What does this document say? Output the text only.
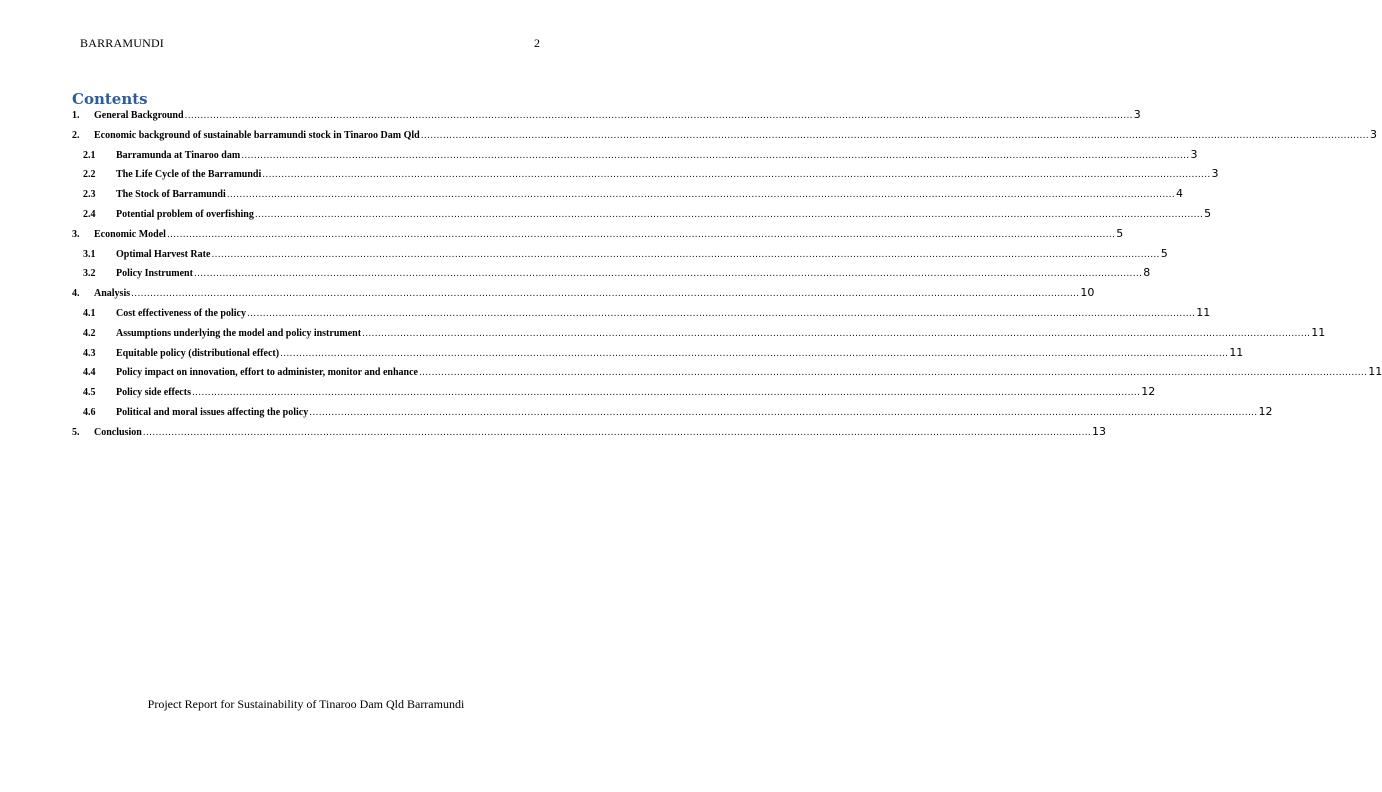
BARRAMUNDI	2
Contents
1.	General Background ............................................................................................................................................................................................................................................................................................................ 3
2.	Economic background of sustainable barramundi stock in Tinaroo Dam Qld ............................................................................................................................................................................................................................................................................................................ 3
2.1	Barramunda at Tinaroo dam ............................................................................................................................................................................................................................................................................................................ 3
2.2	The Life Cycle of the Barramundi ............................................................................................................................................................................................................................................................................................................ 3
2.3	The Stock of Barramundi ............................................................................................................................................................................................................................................................................................................ 4
2.4	Potential problem of overfishing ............................................................................................................................................................................................................................................................................................................ 5
3.	Economic Model ............................................................................................................................................................................................................................................................................................................ 5
3.1	Optimal Harvest Rate ............................................................................................................................................................................................................................................................................................................ 5
3.2	Policy Instrument ............................................................................................................................................................................................................................................................................................................ 8
4.	Analysis ............................................................................................................................................................................................................................................................................................................ 10
4.1	Cost effectiveness of the policy ............................................................................................................................................................................................................................................................................................................ 11
4.2	Assumptions underlying the model and policy instrument ............................................................................................................................................................................................................................................................................................................ 11
4.3	Equitable policy (distributional effect) ............................................................................................................................................................................................................................................................................................................ 11
4.4	Policy impact on innovation, effort to administer, monitor and enhance ............................................................................................................................................................................................................................................................................................................ 11
4.5	Policy side effects ............................................................................................................................................................................................................................................................................................................ 12
4.6	Political and moral issues affecting the policy ............................................................................................................................................................................................................................................................................................................ 12
5.	Conclusion ............................................................................................................................................................................................................................................................................................................ 13
Project Report for Sustainability of Tinaroo Dam Qld Barramundi
